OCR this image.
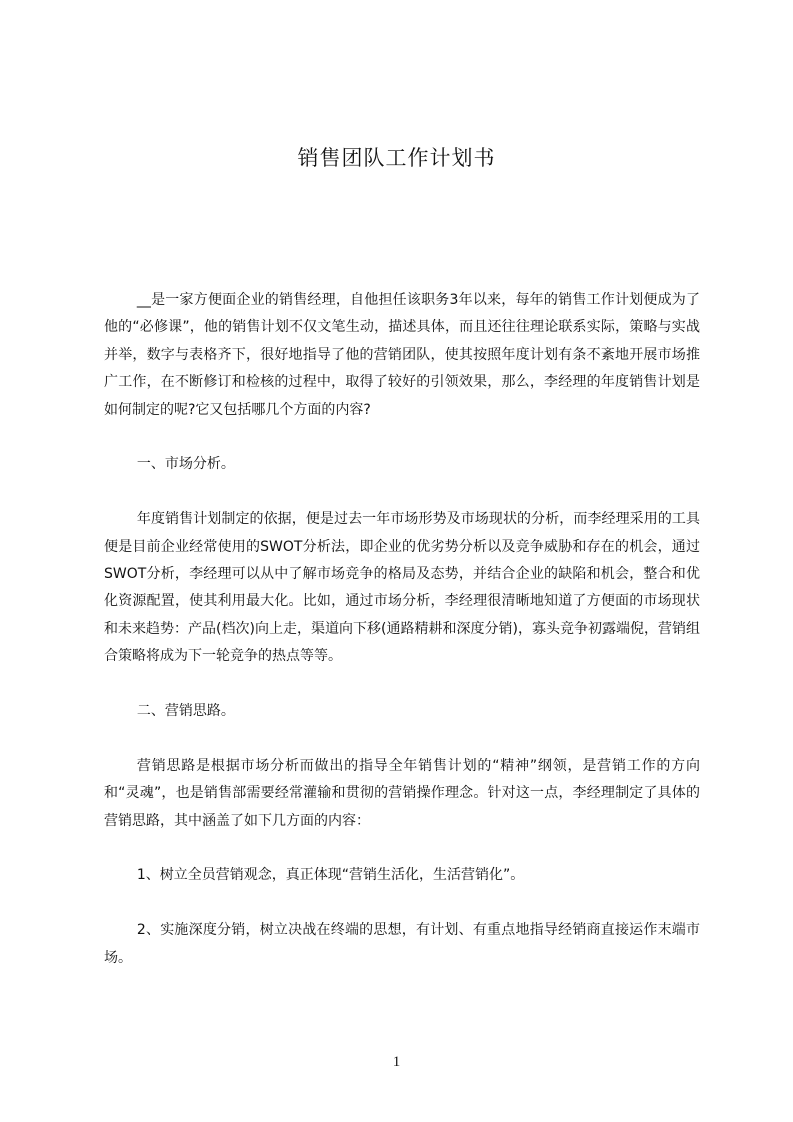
销售团队工作计划书

__是一家方便面企业的销售经理，自他担任该职务3年以来，每年的销售工作计划便成为了他的“必修课”，他的销售计划不仅文笔生动，描述具体，而且还往往理论联系实际，策略与实战并举，数字与表格齐下，很好地指导了他的营销团队，使其按照年度计划有条不紊地开展市场推广工作，在不断修订和检核的过程中，取得了较好的引领效果，那么，李经理的年度销售计划是如何制定的呢?它又包括哪几个方面的内容?

一、市场分析。

年度销售计划制定的依据，便是过去一年市场形势及市场现状的分析，而李经理采用的工具便是目前企业经常使用的SWOT分析法，即企业的优劣势分析以及竞争威胁和存在的机会，通过SWOT分析，李经理可以从中了解市场竞争的格局及态势，并结合企业的缺陷和机会，整合和优化资源配置，使其利用最大化。比如，通过市场分析，李经理很清晰地知道了方便面的市场现状和未来趋势：产品(档次)向上走，渠道向下移(通路精耕和深度分销)，寡头竞争初露端倪，营销组合策略将成为下一轮竞争的热点等等。

二、营销思路。

营销思路是根据市场分析而做出的指导全年销售计划的“精神”纲领，是营销工作的方向和“灵魂”，也是销售部需要经常灌输和贯彻的营销操作理念。针对这一点，李经理制定了具体的营销思路，其中涵盖了如下几方面的内容：

1、树立全员营销观念，真正体现“营销生活化，生活营销化”。

2、实施深度分销，树立决战在终端的思想，有计划、有重点地指导经销商直接运作末端市场。

1
